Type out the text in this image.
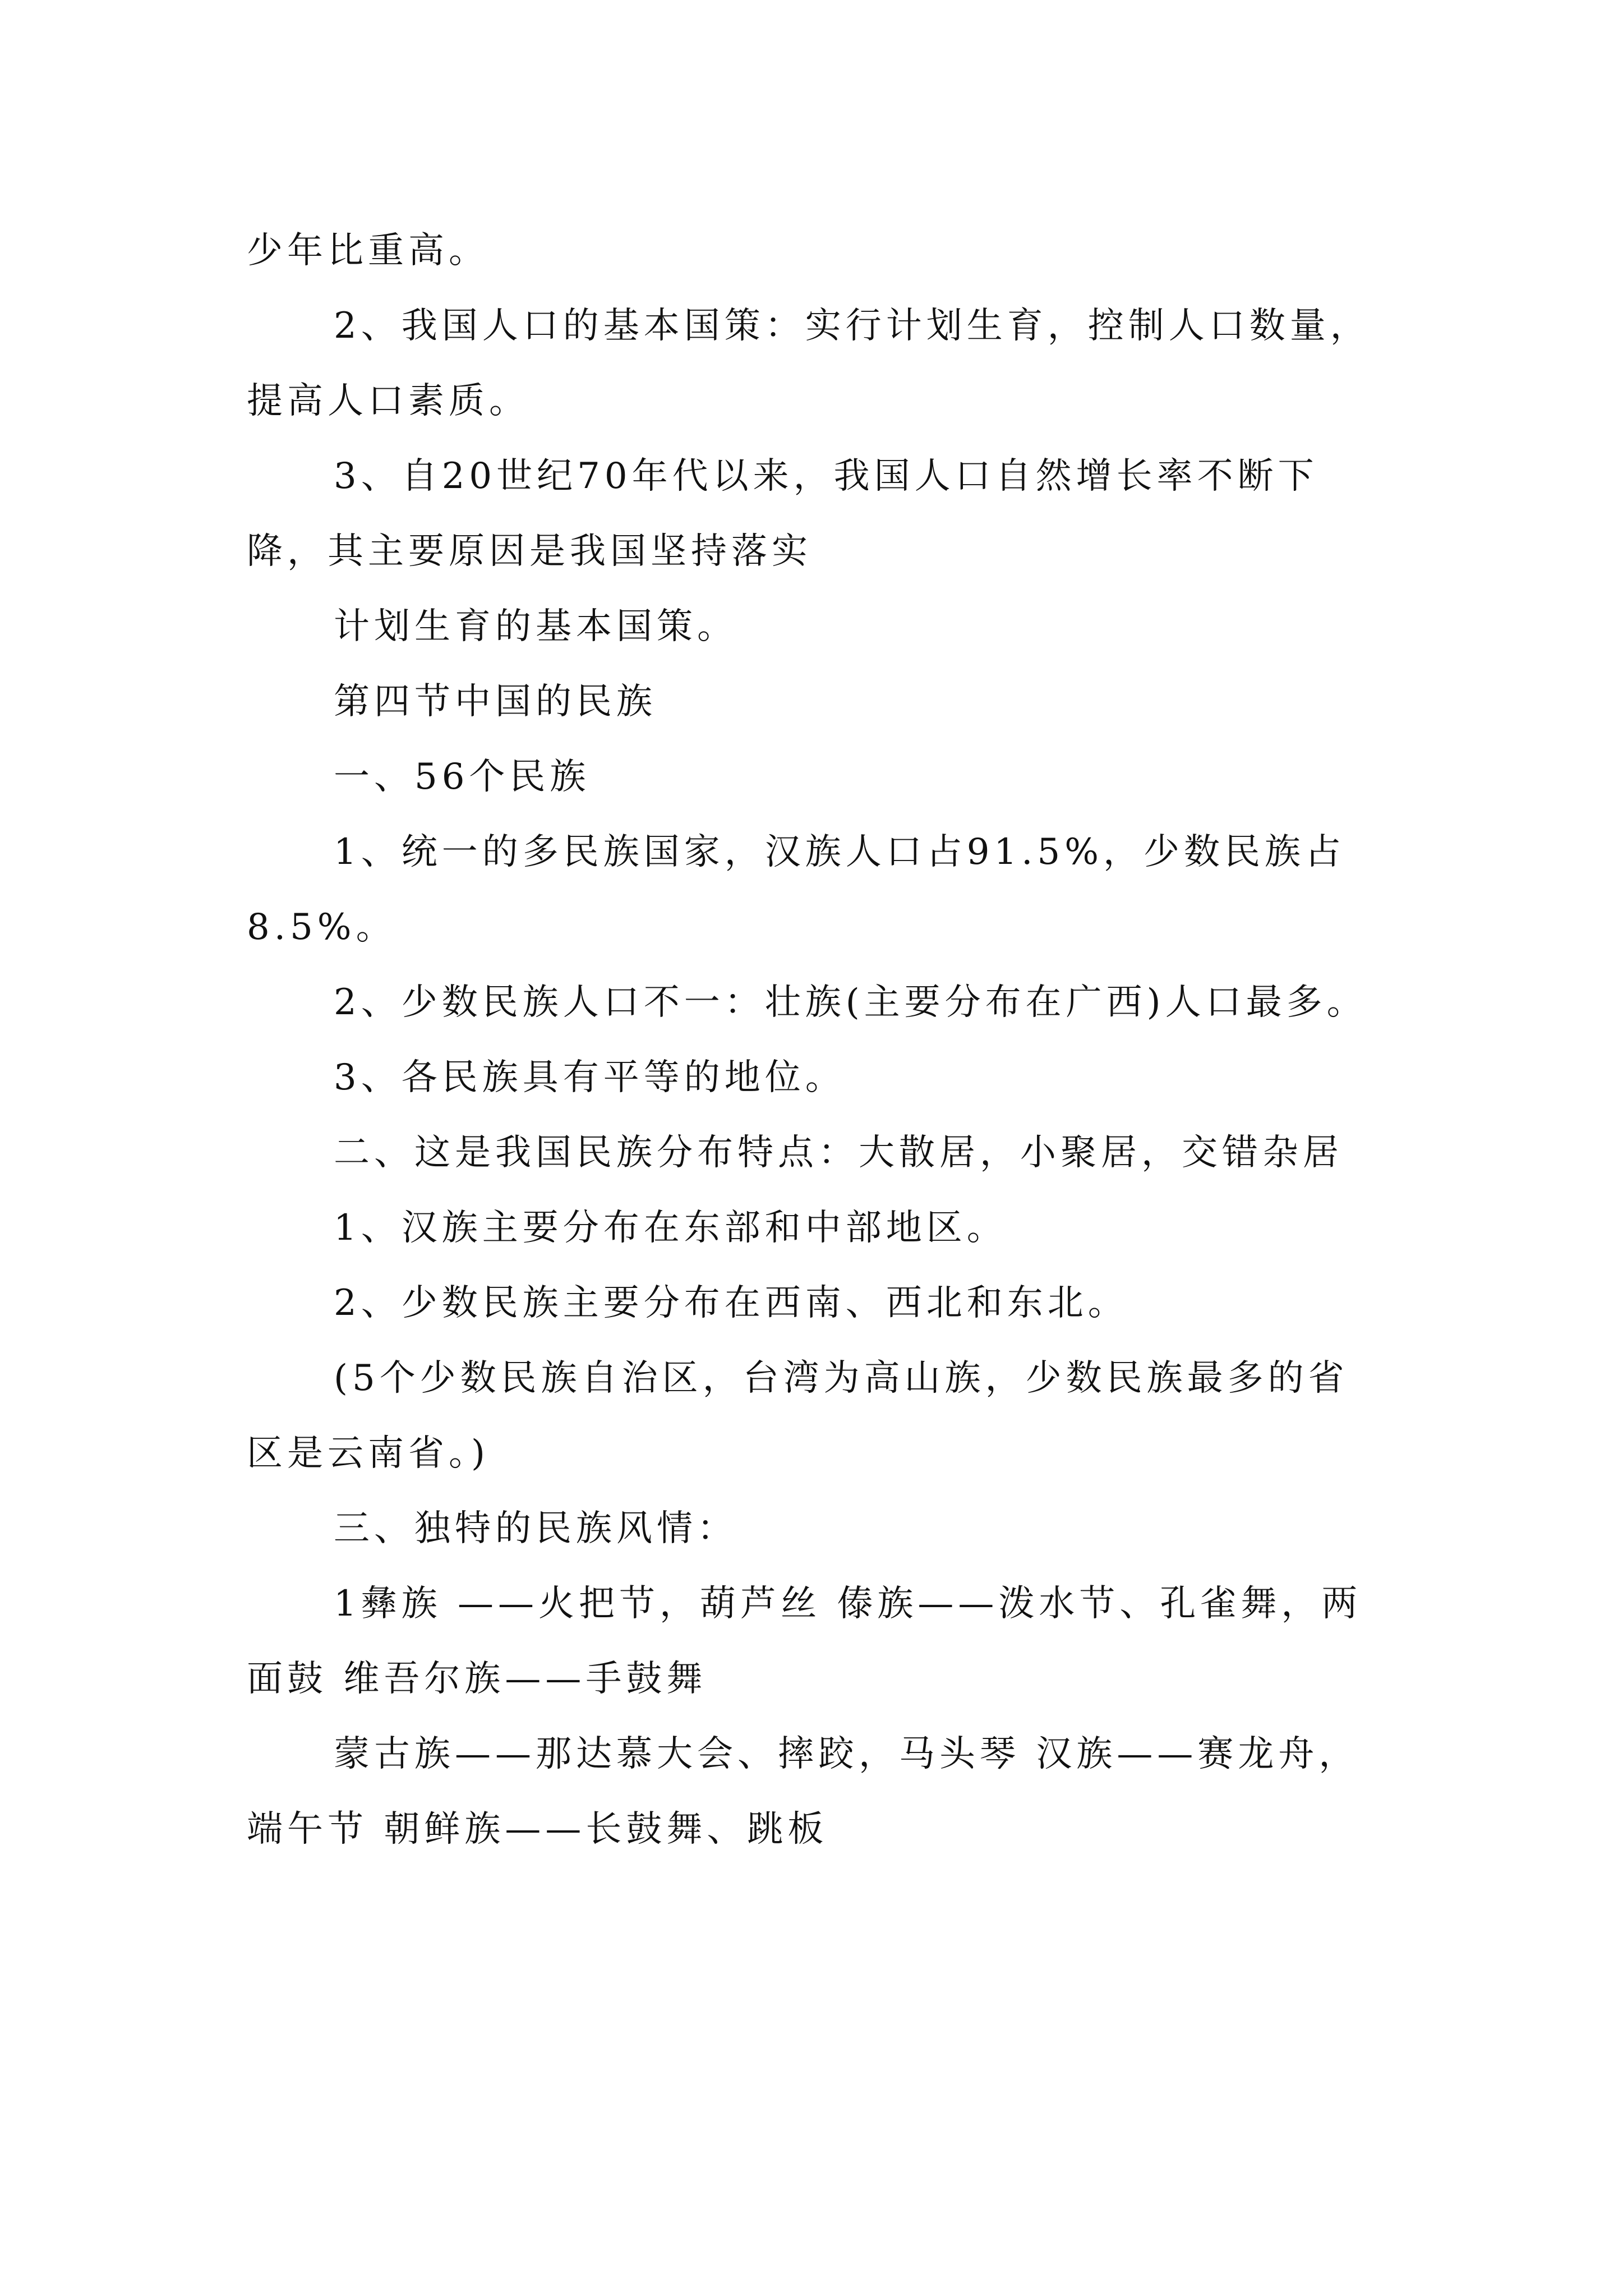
少年比重高。

2、我国人口的基本国策：实行计划生育，控制人口数量，提高人口素质。

3、自20世纪70年代以来，我国人口自然增长率不断下降，其主要原因是我国坚持落实

计划生育的基本国策。

第四节中国的民族

一、56个民族

1、统一的多民族国家，汉族人口占91.5%，少数民族占8.5%。

2、少数民族人口不一：壮族(主要分布在广西)人口最多。

3、各民族具有平等的地位。

二、这是我国民族分布特点：大散居，小聚居，交错杂居

1、汉族主要分布在东部和中部地区。

2、少数民族主要分布在西南、西北和东北。

(5个少数民族自治区，台湾为高山族，少数民族最多的省区是云南省。)

三、独特的民族风情：

1彝族 ——火把节，葫芦丝 傣族——泼水节、孔雀舞，两面鼓 维吾尔族——手鼓舞

蒙古族——那达慕大会、摔跤，马头琴 汉族——赛龙舟，端午节 朝鲜族——长鼓舞、跳板
